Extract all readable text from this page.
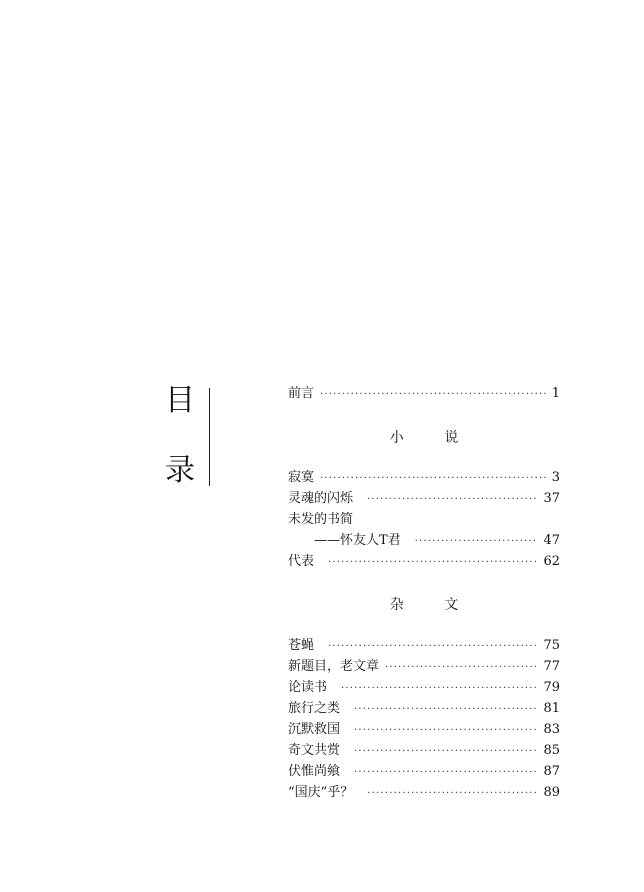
目
录
前言 ·····	1
小 说
寂寞 ·····	3
灵魂的闪烁 ·····	37
未发的书简
——怀友人T君 ·····	47
代表 ·····	62
杂 文
苍蝇 ·····	75
新题目，老文章 ·····	77
论读书 ·····	79
旅行之类 ·····	81
沉默救国 ·····	83
奇文共赏 ·····	85
伏惟尚飨 ·····	87
“国庆”乎？ ·····	89
